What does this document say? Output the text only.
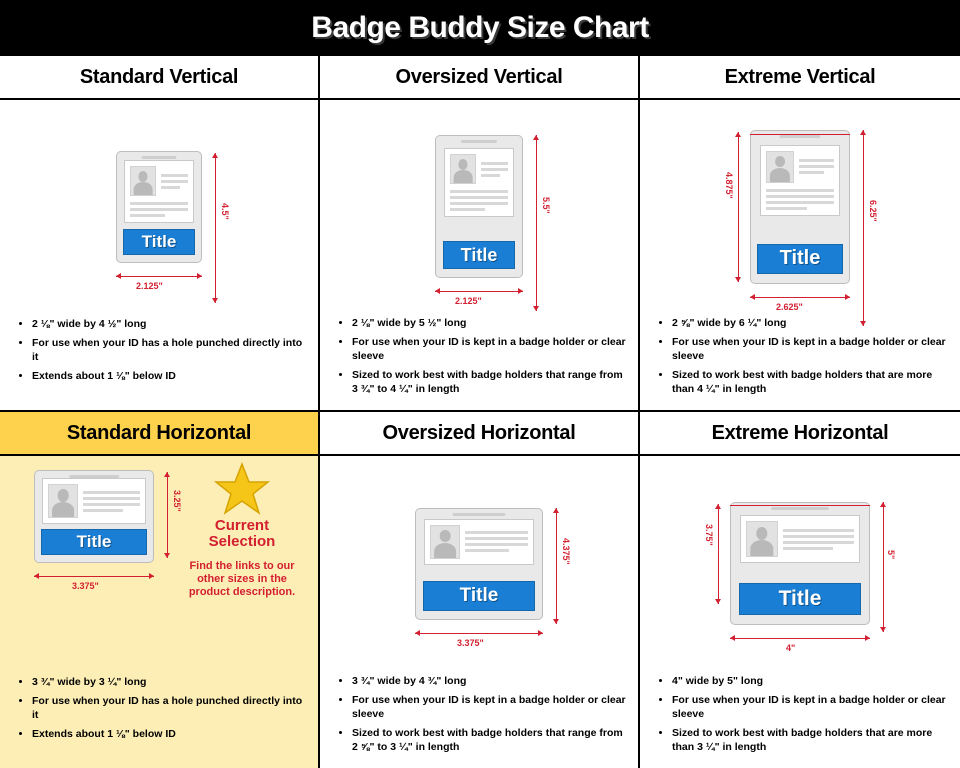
Badge Buddy Size Chart
Standard Vertical
Title
4.5"
2.125"
• 2 ⅛" wide by 4 ½" long
• For use when your ID has a hole punched directly into it
• Extends about 1 ⅛" below ID
Oversized Vertical
Title
5.5"
2.125"
• 2 ⅛" wide by 5 ½" long
• For use when your ID is kept in a badge holder or clear sleeve
• Sized to work best with badge holders that range from 3 ¾" to 4 ¼" in length
Extreme Vertical
Title
4.875"
6.25"
2.625"
• 2 ⅝" wide by 6 ¼" long
• For use when your ID is kept in a badge holder or clear sleeve
• Sized to work best with badge holders that are more than 4 ¼" in length
Standard Horizontal
Title
3.25"
3.375"
Current
Selection
Find the links to our other sizes in the product description.
• 3 ¾" wide by 3 ¼" long
• For use when your ID has a hole punched directly into it
• Extends about 1 ⅛" below ID
Oversized Horizontal
Title
4.375"
3.375"
• 3 ¾" wide by 4 ¾" long
• For use when your ID is kept in a badge holder or clear sleeve
• Sized to work best with badge holders that range from 2 ⅝" to 3 ¼" in length
Extreme Horizontal
Title
3.75"
5"
4"
• 4" wide by 5" long
• For use when your ID is kept in a badge holder or clear sleeve
• Sized to work best with badge holders that are more than 3 ¼" in length
